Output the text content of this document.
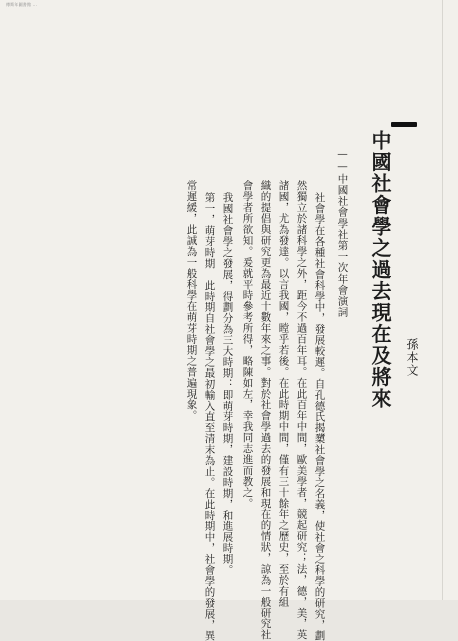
傅斯年圖書館 ...
中國社會學之過去現在及將來 孫本文
——中國社會學社第一次年會演詞
社會學在各種社會科學中，發展較遲。自孔德氏揭櫫社會學之名義，使社會之科學的研究，劃
然獨立於諸科學之外，距今不過百年耳。在此百年中間，歐美學者，競起研究；法，德，美，英
諸國，尤為發達。以言我國，瞠乎若後。在此時期中間，僅有三十餘年之歷史，至於有組
織的提倡與研究更為最近十數年來之事。對於社會學過去的發展和現在的情狀，諒為一般研究社
會學者所欲知。爰就平時參考所得，略陳如左，幸我同志進而教之。
我國社會學之發展，得劃分為三大時期：即萌芽時期，建設時期，和進展時期。
第一，萌芽時期　此時期自社會學之最初輸入直至清末為止。在此時期中，社會學的發展，異
常遲緩，此誠為一般科學在萌芽時期之普遍現象。
